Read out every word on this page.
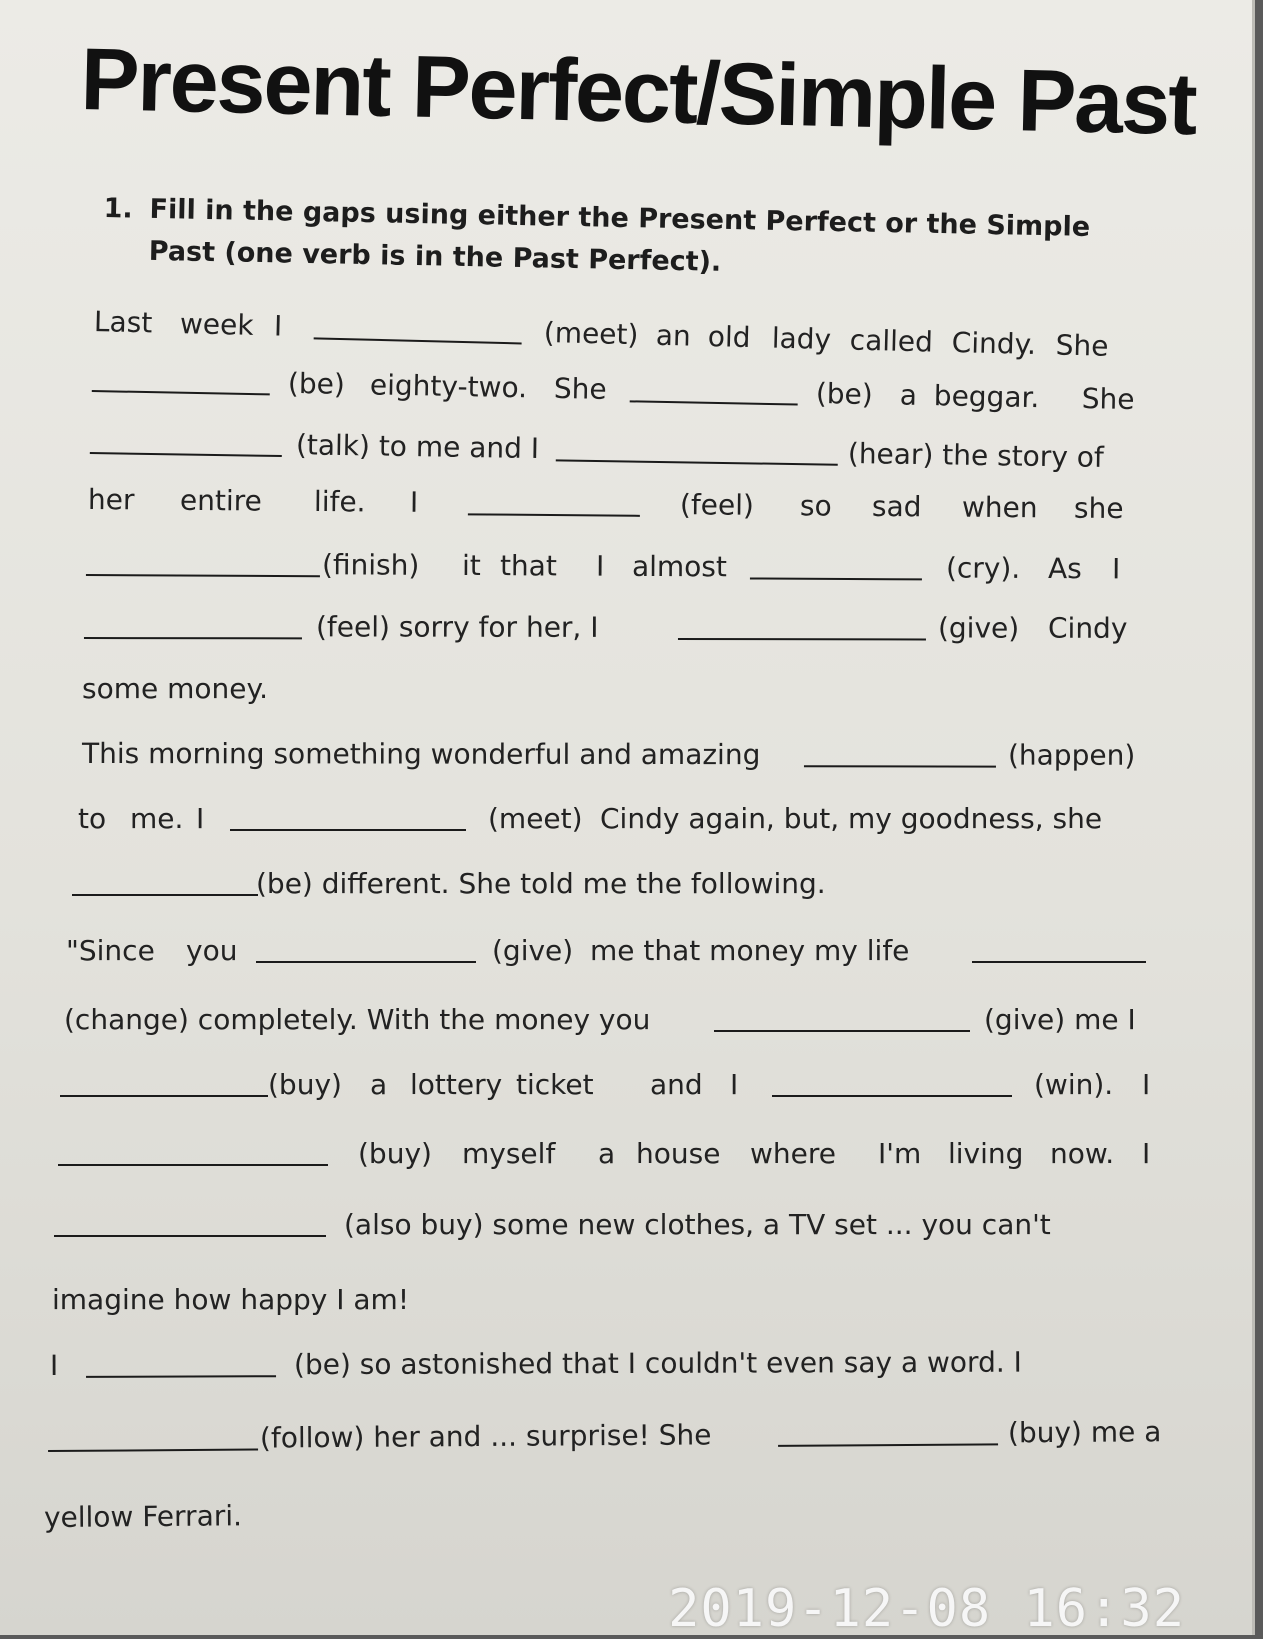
Present Perfect/Simple Past
1. Fill in the gaps using either the Present Perfect or the Simple
Past (one verb is in the Past Perfect).
Last week I	(meet) an old lady called Cindy. She
(be) eighty-two. She	(be) a beggar. She
(talk) to me and I	(hear) the story of
her entire life. I	(feel) so sad when she
(finish) it that I almost	(cry). As I
(feel) sorry for her, I	(give) Cindy
some money.
This morning something wonderful and amazing	(happen)
to me. I	(meet) Cindy again, but, my goodness, she
(be) different. She told me the following.
"Since you	(give) me that money my life
(change) completely. With the money you	(give) me I
(buy) a lottery ticket and I	(win). I
(buy) myself a house where I'm living now. I
(also buy) some new clothes, a TV set ... you can't
imagine how happy I am!
I	(be) so astonished that I couldn't even say a word. I
(follow) her and ... surprise! She	(buy) me a
yellow Ferrari.
2019-12-08 16:32
